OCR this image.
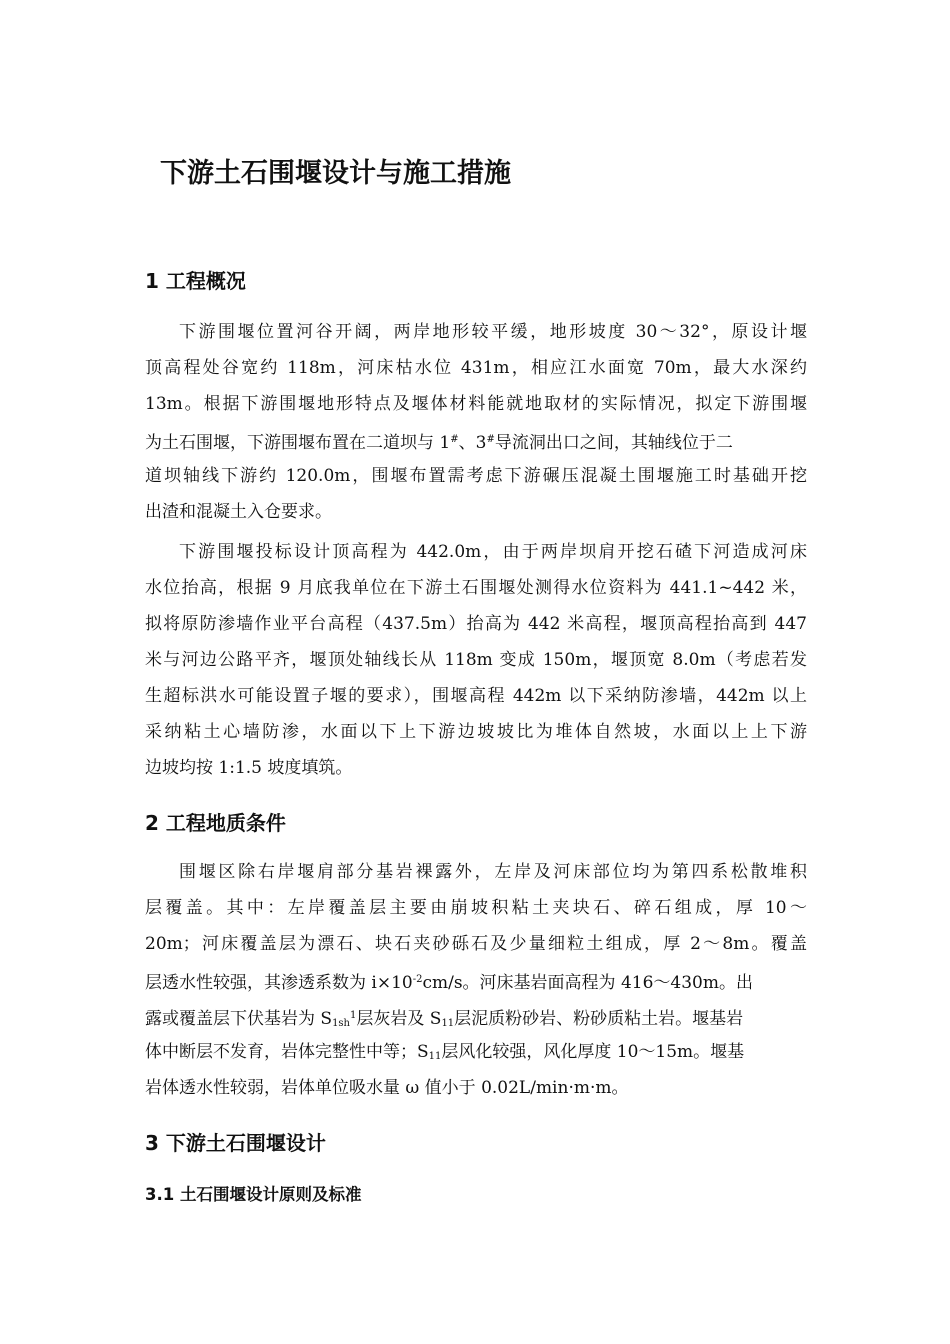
下游土石围堰设计与施工措施
1 工程概况
下游围堰位置河谷开阔，两岸地形较平缓，地形坡度 30～32°，原设计堰
顶高程处谷宽约 118m，河床枯水位 431m，相应江水面宽 70m，最大水深约
13m。根据下游围堰地形特点及堰体材料能就地取材的实际情况，拟定下游围堰
为土石围堰，下游围堰布置在二道坝与 1#、3#导流洞出口之间，其轴线位于二
道坝轴线下游约 120.0m，围堰布置需考虑下游碾压混凝土围堰施工时基础开挖
出渣和混凝土入仓要求。
下游围堰投标设计顶高程为 442.0m，由于两岸坝肩开挖石碴下河造成河床
水位抬高，根据 9 月底我单位在下游土石围堰处测得水位资料为 441.1~442 米，
拟将原防渗墙作业平台高程（437.5m）抬高为 442 米高程，堰顶高程抬高到 447
米与河边公路平齐，堰顶处轴线长从 118m 变成 150m，堰顶宽 8.0m（考虑若发
生超标洪水可能设置子堰的要求），围堰高程 442m 以下采纳防渗墙，442m 以上
采纳粘土心墙防渗，水面以下上下游边坡坡比为堆体自然坡，水面以上上下游
边坡均按 1:1.5 坡度填筑。
2 工程地质条件
围堰区除右岸堰肩部分基岩裸露外，左岸及河床部位均为第四系松散堆积
层覆盖。其中：左岸覆盖层主要由崩坡积粘土夹块石、碎石组成，厚 10～
20m；河床覆盖层为漂石、块石夹砂砾石及少量细粒土组成，厚 2～8m。覆盖
层透水性较强，其渗透系数为 $i\times 10^{-2}cm/s$。河床基岩面高程为 416～430m。出
露或覆盖层下伏基岩为 $S_{1sh}^1$层灰岩及 $S_{11}$层泥质粉砂岩、粉砂质粘土岩。堰基岩
体中断层不发育，岩体完整性中等；$S_{11}$层风化较强，风化厚度 10～15m。堰基
岩体透水性较弱，岩体单位吸水量 ω 值小于 0.02L/min·m·m。
3 下游土石围堰设计
3.1 土石围堰设计原则及标准
